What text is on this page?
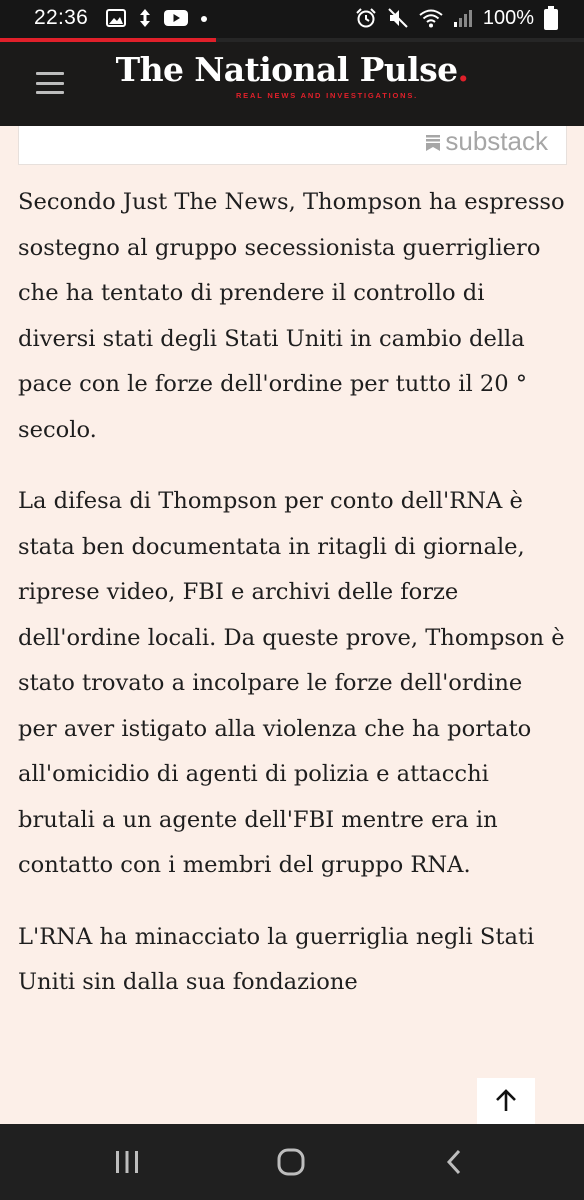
22:36	100%
The National Pulse.
REAL NEWS AND INVESTIGATIONS.
substack

Secondo Just The News, Thompson ha espresso sostegno al gruppo secessionista guerrigliero che ha tentato di prendere il controllo di diversi stati degli Stati Uniti in cambio della pace con le forze dell'ordine per tutto il 20 ° secolo.

La difesa di Thompson per conto dell'RNA è stata ben documentata in ritagli di giornale, riprese video, FBI e archivi delle forze dell'ordine locali. Da queste prove, Thompson è stato trovato a incolpare le forze dell'ordine per aver istigato alla violenza che ha portato all'omicidio di agenti di polizia e attacchi brutali a un agente dell'FBI mentre era in contatto con i membri del gruppo RNA.

L'RNA ha minacciato la guerriglia negli Stati Uniti sin dalla sua fondazione
